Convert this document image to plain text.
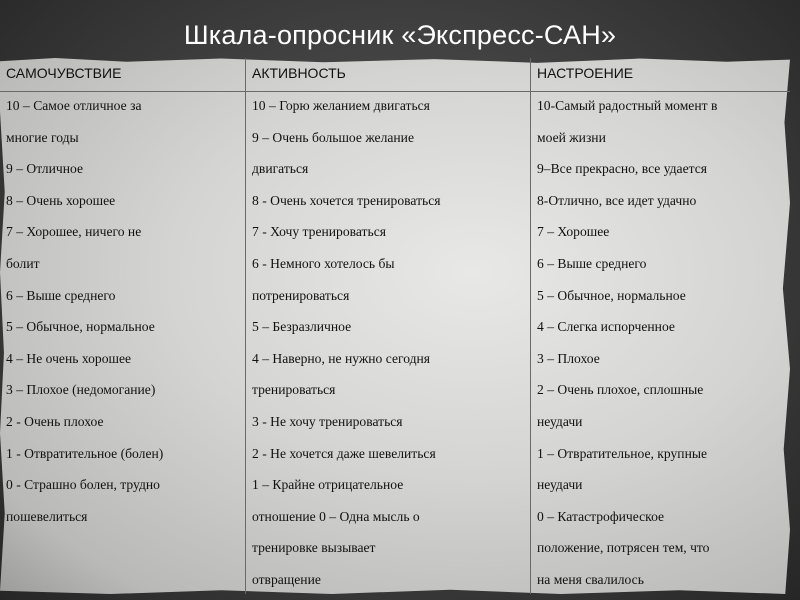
Шкала-опросник «Экспресс-САН»
САМОЧУВСТВИЕ	АКТИВНОСТЬ	НАСТРОЕНИЕ
10 – Самое отличное за
многие годы
9 – Отличное
8 – Очень хорошее
7 – Хорошее, ничего не
болит
6 – Выше среднего
5 – Обычное, нормальное
4 – Не очень хорошее
3 – Плохое (недомогание)
2 - Очень плохое
1 - Отвратительное (болен)
0 - Страшно болен, трудно
пошевелиться
10 – Горю желанием двигаться
9 – Очень большое желание
двигаться
8 - Очень хочется тренироваться
7 - Хочу тренироваться
6 - Немного хотелось бы
потренироваться
5 – Безразличное
4 – Наверно, не нужно сегодня
тренироваться
3 - Не хочу тренироваться
2 - Не хочется даже шевелиться
1 – Крайне отрицательное
отношение 0 – Одна мысль о
тренировке вызывает
отвращение
10-Самый радостный момент в
моей жизни
9–Все прекрасно, все удается
8-Отлично, все идет удачно
7 – Хорошее
6 – Выше среднего
5 – Обычное, нормальное
4 – Слегка испорченное
3 – Плохое
2 – Очень плохое, сплошные
неудачи
1 – Отвратительное, крупные
неудачи
0 – Катастрофическое
положение, потрясен тем, что
на меня свалилось
